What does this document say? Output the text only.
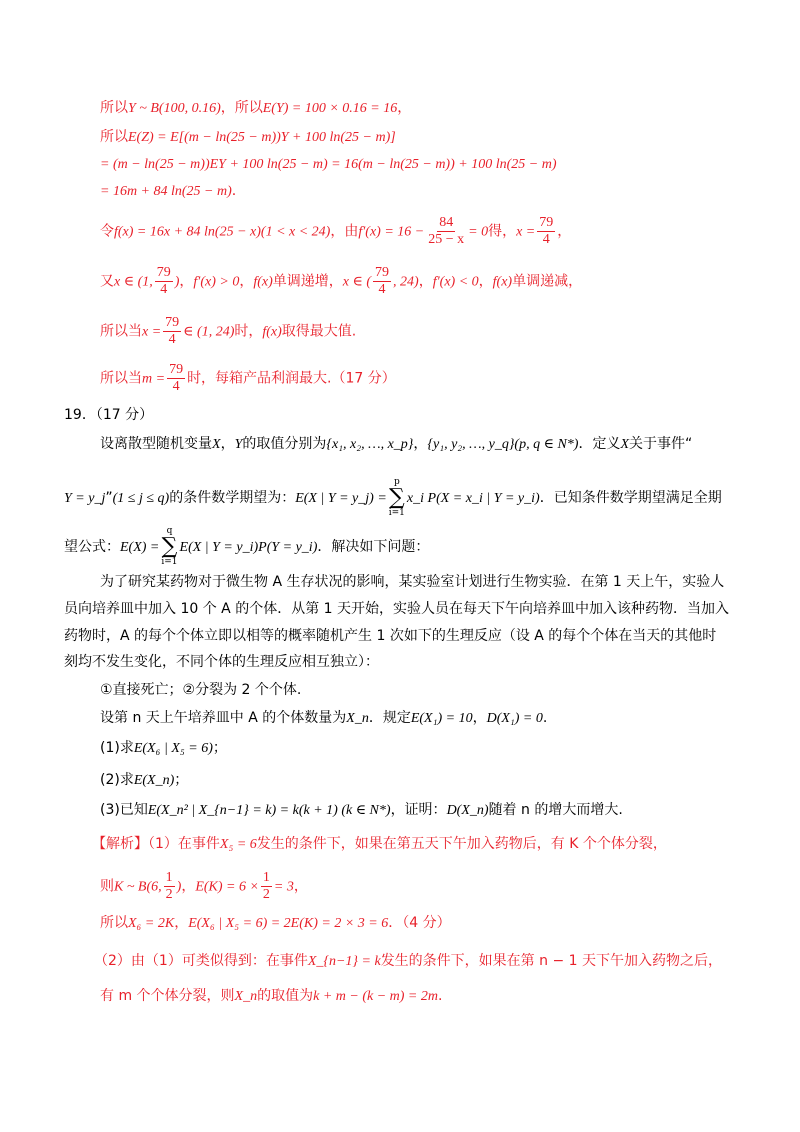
所以Y ~ B(100, 0.16)，所以E(Y) = 100 × 0.16 = 16，
所以E(Z) = E[(m − ln(25 − m))Y + 100 ln(25 − m)]
= (m − ln(25 − m))EY + 100 ln(25 − m) = 16(m − ln(25 − m)) + 100 ln(25 − m)
= 16m + 84 ln(25 − m).
令f(x) = 16x + 84 ln(25 − x)(1 < x < 24)，由$f'(x) = 16 - \frac{84}{25 - x} = 0$得，$x = \frac{79}{4}$ ，
又x ∈ (1, $\frac{79}{4}$ )，f′(x) > 0，f(x)单调递增，x ∈ ( $\frac{79}{4}$ , 24)，f′(x) < 0，f(x)单调递减，
所以当$x = \frac{79}{4}$ ∈ (1, 24)时，f(x)取得最大值.
所以当$m = \frac{79}{4}$ 时，每箱产品利润最大.（17 分）
19．（17 分）
设离散型随机变量X，Y的取值分别为{x₁, x₂, …, x_p}，{y₁, y₂, …, y_q}(p, q ∈ N*)．定义X关于事件“
Y = y_j”(1 ≤ j ≤ q)的条件数学期望为：E(X | Y = y_j) =
p
∑
i=1
x_i P(X = x_i | Y = y_i)．已知条件数学期望满足全期
望公式：E(X) =
q
∑
i=1
E(X | Y = y_i)P(Y = y_i)．解决如下问题：
为了研究某药物对于微生物 A 生存状况的影响，某实验室计划进行生物实验．在第 1 天上午，实验人
员向培养皿中加入 10 个 A 的个体．从第 1 天开始，实验人员在每天下午向培养皿中加入该种药物．当加入
药物时，A 的每个个体立即以相等的概率随机产生 1 次如下的生理反应（设 A 的每个个体在当天的其他时
刻均不发生变化，不同个体的生理反应相互独立）：
①直接死亡；②分裂为 2 个个体.
设第 n 天上午培养皿中 A 的个体数量为X_n．规定E(X₁) = 10，D(X₁) = 0.
(1)求E(X₆ | X₅ = 6)；
(2)求E(X_n)；
(3)已知E(X_n² | X_{n−1} = k) = k(k + 1) (k ∈ N*)，证明：D(X_n)随着 n 的增大而增大.
【解析】（1）在事件X₅ = 6发生的条件下，如果在第五天下午加入药物后，有 K 个个体分裂，
则K ~ B(6, $\frac{1}{2}$ )，$E(K) = 6 \times \frac{1}{2} = 3$，
所以X₆ = 2K，E(X₆ | X₅ = 6) = 2E(K) = 2 × 3 = 6．（4 分）
（2）由（1）可类似得到：在事件X_{n−1} = k发生的条件下，如果在第 n − 1 天下午加入药物之后，
有 m 个个体分裂，则X_n的取值为k + m − (k − m) = 2m.
